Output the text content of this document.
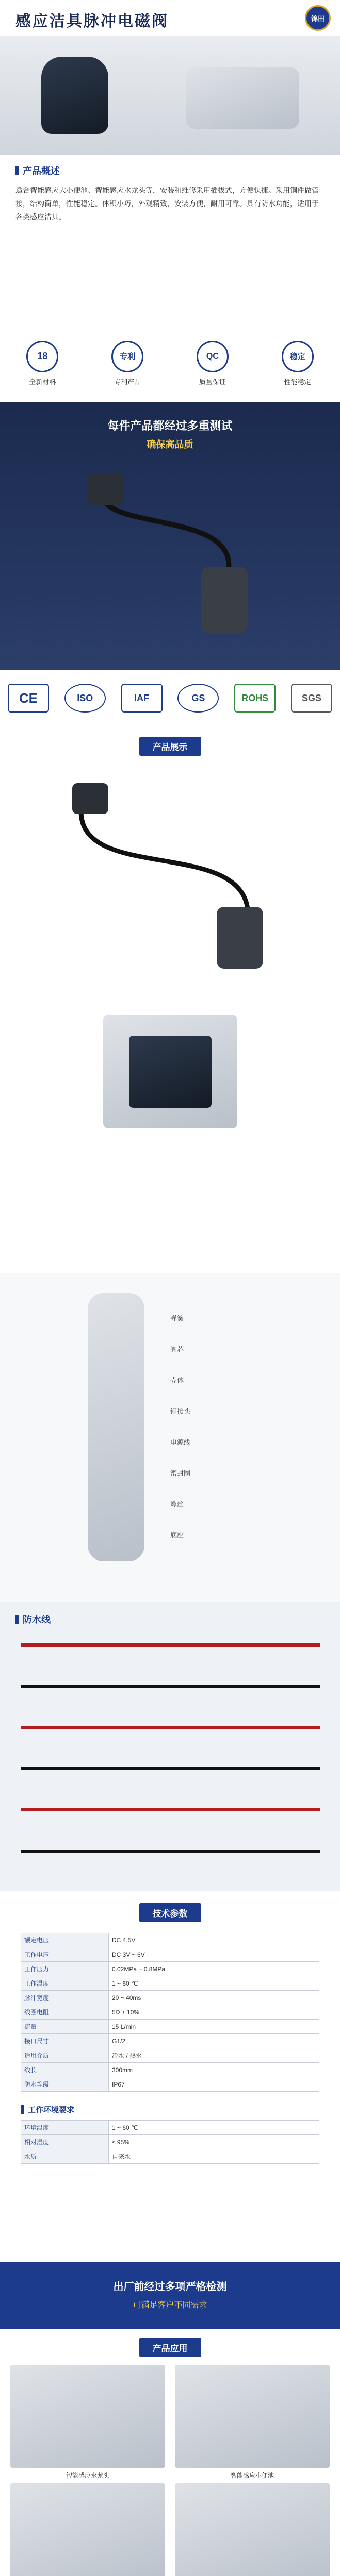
感应洁具脉冲电磁阀	锦田
产品概述

适合智能感应大小便池、智能感应水龙头等，安装和维修采用插拔式，方便快捷。采用铜件做管接，结构简单，性能稳定。体积小巧，外观精致，安装方便，耐用可靠。具有防水功能，适用于各类感应洁具。

18
全新材料
专利
专利产品
QC
质量保证
稳定
性能稳定
每件产品都经过多重测试
确保高品质
CE	ISO	IAF	GS	ROHS	SGS
产品展示
弹簧
阀芯
壳体
铜接头
电源线
密封圈
螺丝
底座
防水线
技术参数
额定电压	DC 4.5V
工作电压	DC 3V ~ 6V
工作压力	0.02MPa ~ 0.8MPa
工作温度	1 ~ 60 ℃
脉冲宽度	20 ~ 40ms
线圈电阻	5Ω ± 10%
流量	15 L/min
接口尺寸	G1/2
适用介质	冷水 / 热水
线长	300mm
防水等级	IP67
工作环境要求
环境温度	1 ~ 60 ℃
相对湿度	≤ 95%
水质	自来水
出厂前经过多项严格检测
可满足客户不同需求
产品应用
智能感应水龙头	智能感应小便池
